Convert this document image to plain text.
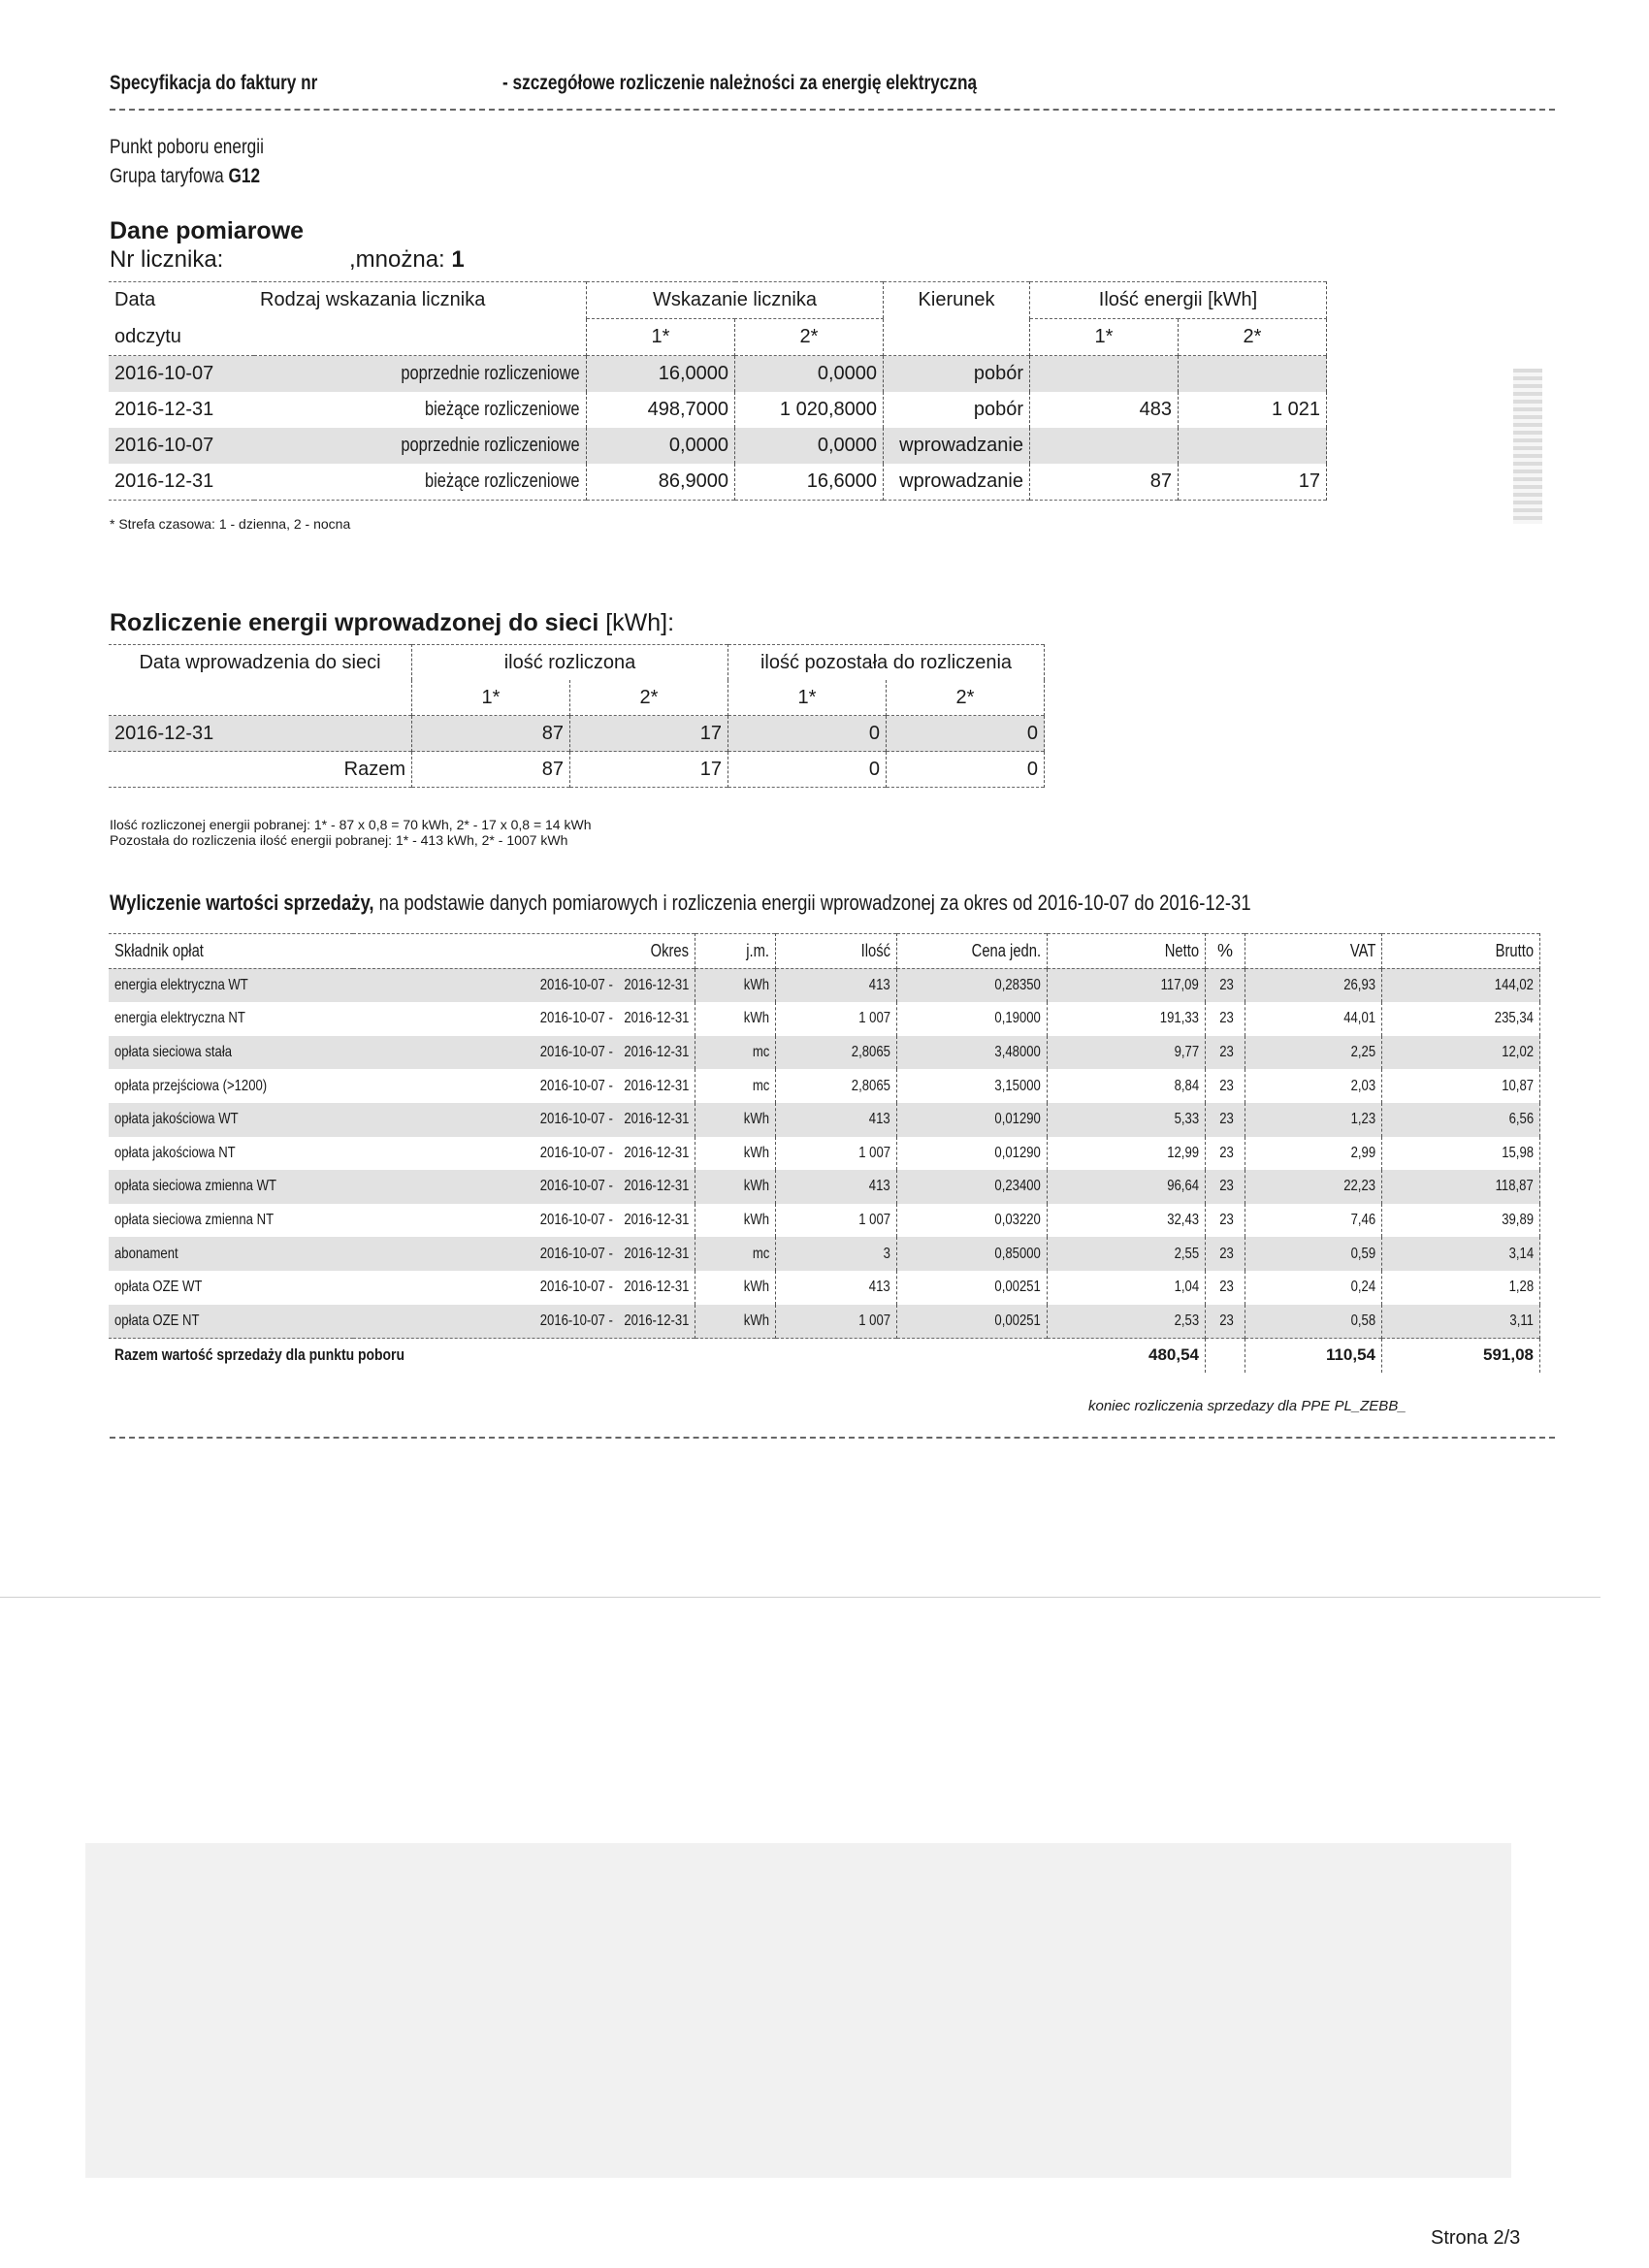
Specyfikacja do faktury nr	- szczegółowe rozliczenie należności za energię elektryczną
Punkt poboru energii
Grupa taryfowa G12
Dane pomiarowe
Nr licznika:	,mnożna: 1
Data	Rodzaj wskazania licznika	Wskazanie licznika		Kierunek	Ilość energii [kWh]	
odczytu		1*	2*		1*	2*
2016-10-07	poprzednie rozliczeniowe	16,0000	0,0000	pobór		
2016-12-31	bieżące rozliczeniowe	498,7000	1 020,8000	pobór	483	1 021
2016-10-07	poprzednie rozliczeniowe	0,0000	0,0000	wprowadzanie		
2016-12-31	bieżące rozliczeniowe	86,9000	16,6000	wprowadzanie	87	17
* Strefa czasowa: 1 - dzienna, 2 - nocna
Rozliczenie energii wprowadzonej do sieci [kWh]:
Data wprowadzenia do sieci	ilość rozliczona		ilość pozostała do rozliczenia	
	1*	2*	1*	2*
2016-12-31	87	17	0	0
Razem	87	17	0	0
Ilość rozliczonej energii pobranej: 1* - 87 x 0,8 = 70 kWh, 2* - 17 x 0,8 = 14 kWh
Pozostała do rozliczenia ilość energii pobranej: 1* - 413 kWh, 2* - 1007 kWh
Wyliczenie wartości sprzedaży, na podstawie danych pomiarowych i rozliczenia energii wprowadzonej za okres od 2016-10-07 do 2016-12-31
Składnik opłat	Okres	j.m.	Ilość	Cena jedn.	Netto	%	VAT	Brutto
energia elektryczna WT	2016-10-07 - 2016-12-31	kWh	413	0,28350	117,09	23	26,93	144,02
energia elektryczna NT	2016-10-07 - 2016-12-31	kWh	1 007	0,19000	191,33	23	44,01	235,34
opłata sieciowa stała	2016-10-07 - 2016-12-31	mc	2,8065	3,48000	9,77	23	2,25	12,02
opłata przejściowa (>1200)	2016-10-07 - 2016-12-31	mc	2,8065	3,15000	8,84	23	2,03	10,87
opłata jakościowa WT	2016-10-07 - 2016-12-31	kWh	413	0,01290	5,33	23	1,23	6,56
opłata jakościowa NT	2016-10-07 - 2016-12-31	kWh	1 007	0,01290	12,99	23	2,99	15,98
opłata sieciowa zmienna WT	2016-10-07 - 2016-12-31	kWh	413	0,23400	96,64	23	22,23	118,87
opłata sieciowa zmienna NT	2016-10-07 - 2016-12-31	kWh	1 007	0,03220	32,43	23	7,46	39,89
abonament	2016-10-07 - 2016-12-31	mc	3	0,85000	2,55	23	0,59	3,14
opłata OZE WT	2016-10-07 - 2016-12-31	kWh	413	0,00251	1,04	23	0,24	1,28
opłata OZE NT	2016-10-07 - 2016-12-31	kWh	1 007	0,00251	2,53	23	0,58	3,11
Razem wartość sprzedaży dla punktu poboru					480,54		110,54	591,08
koniec rozliczenia sprzedazy dla PPE PL_ZEBB_
Strona 2/3
